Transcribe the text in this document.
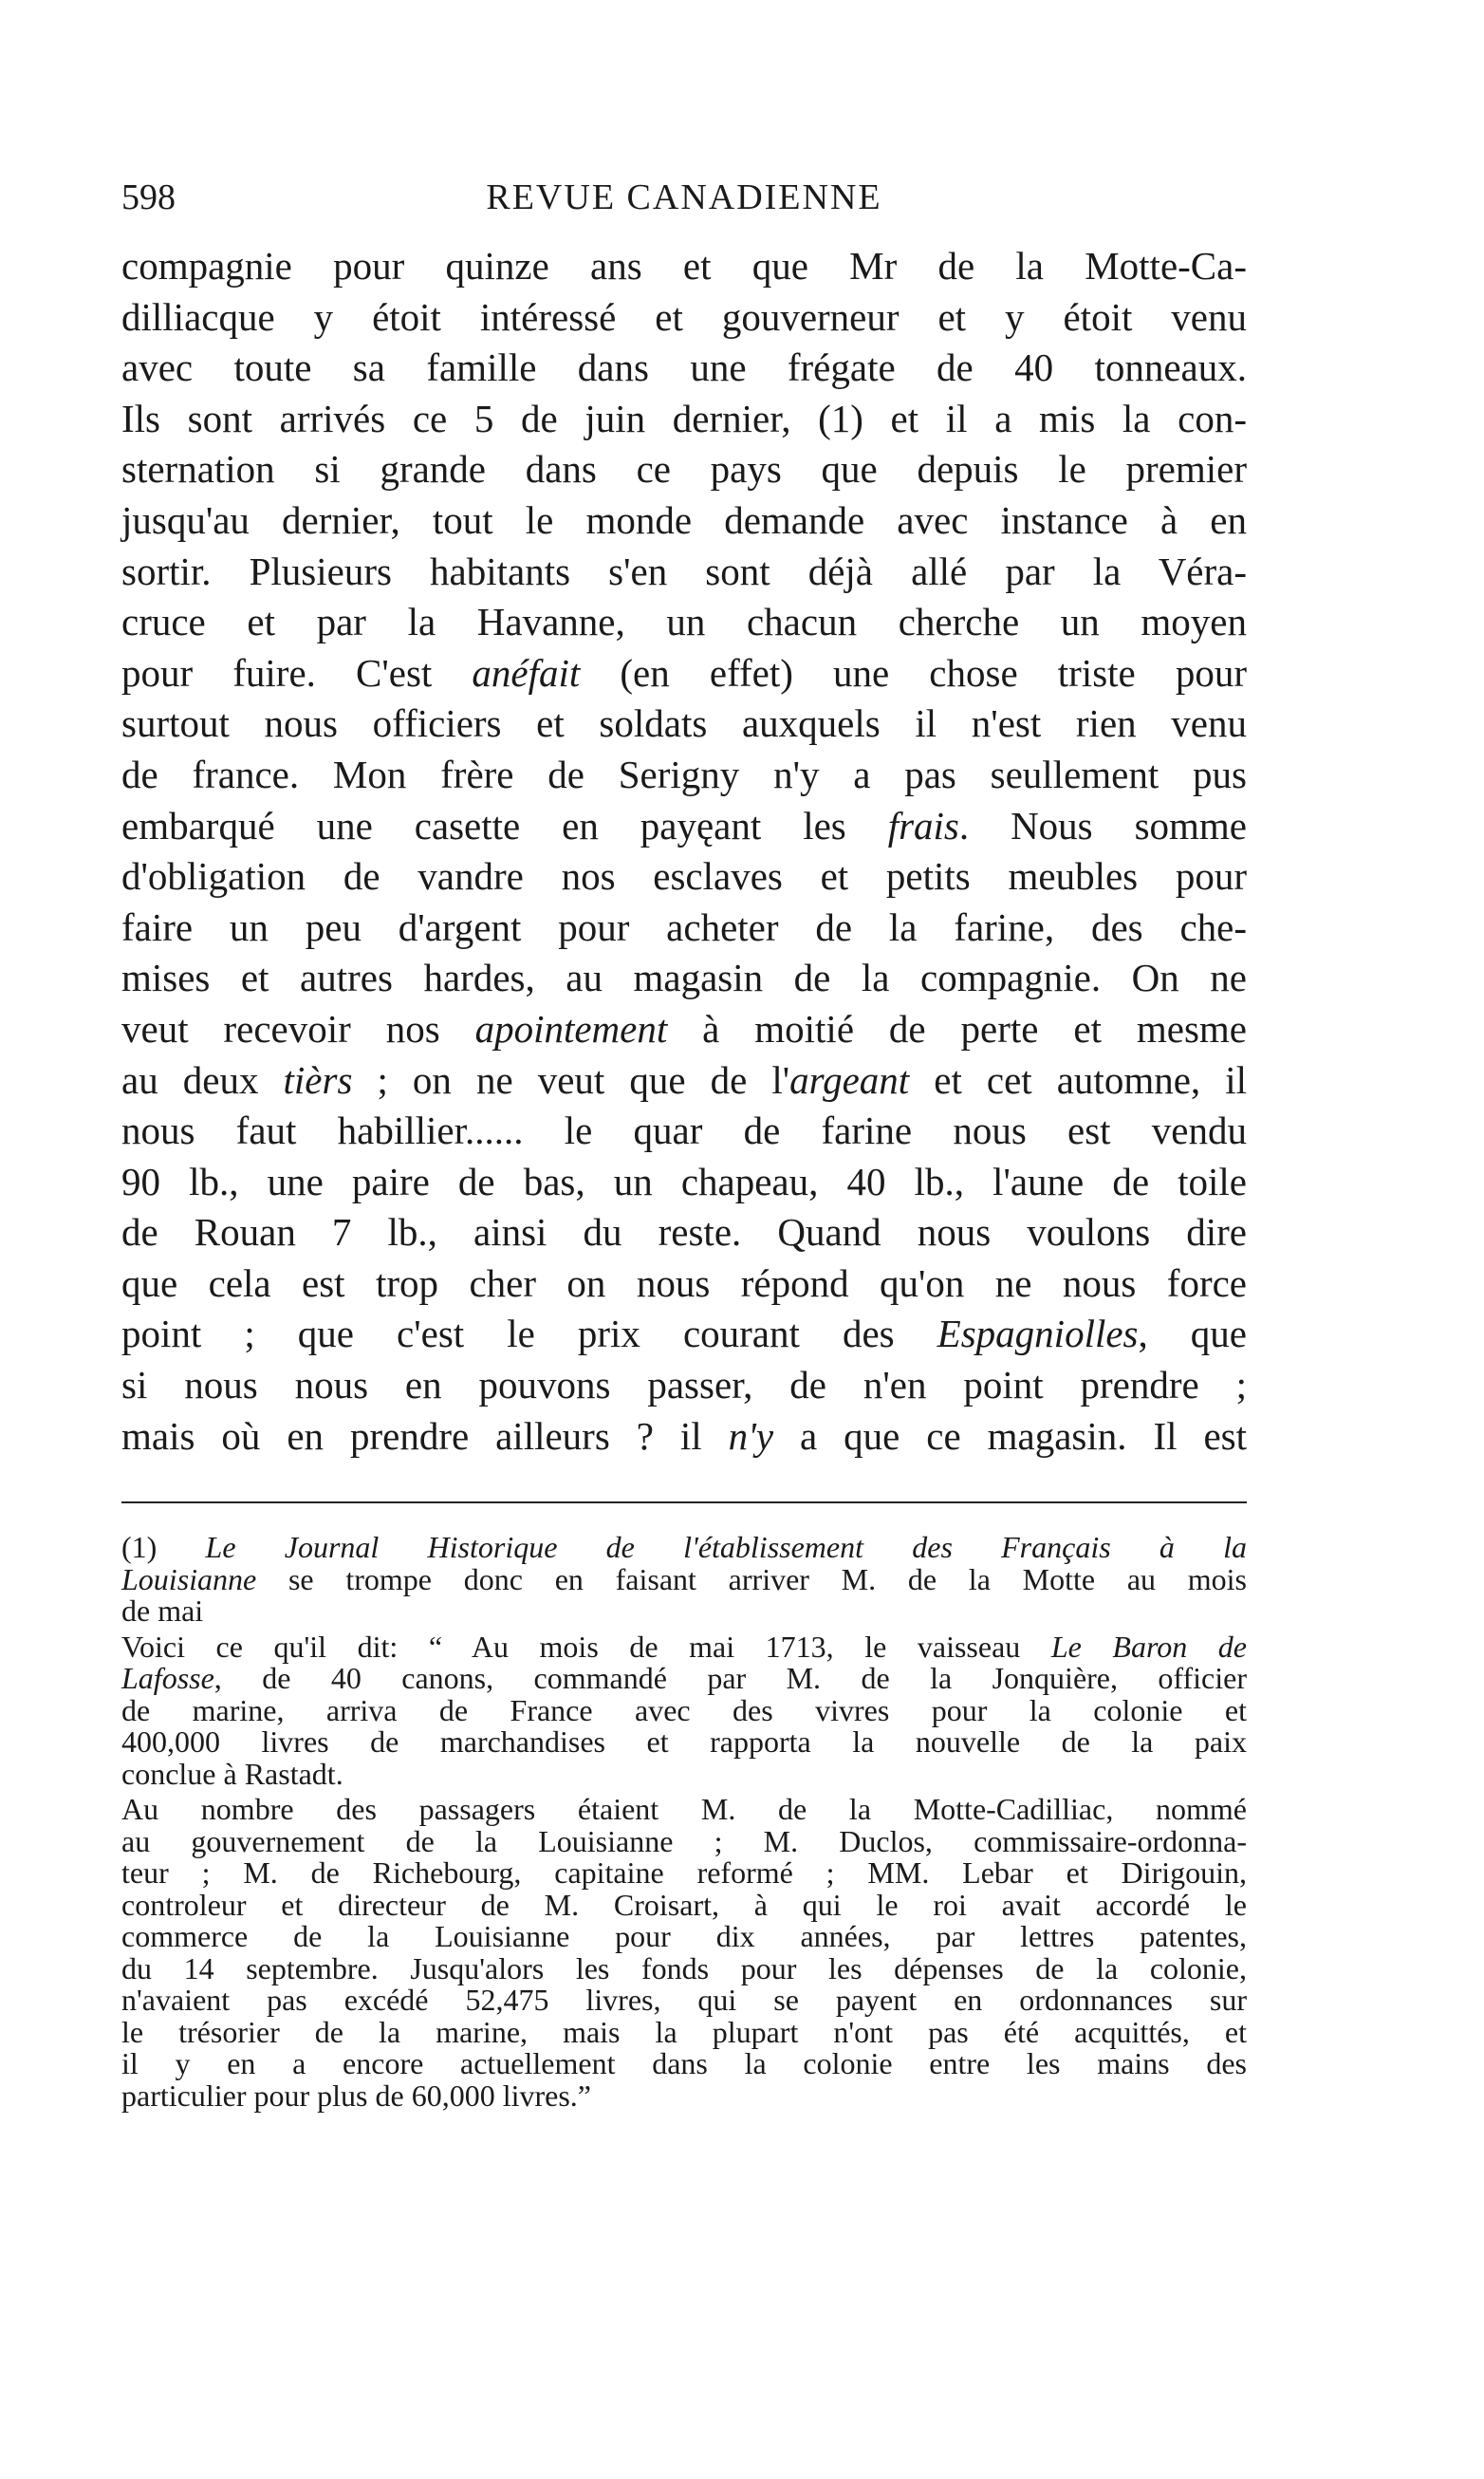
598	REVUE CANADIENNE
compagnie pour quinze ans et que Mr de la Motte-Ca-
dilliacque y étoit intéressé et gouverneur et y étoit venu
avec toute sa famille dans une frégate de 40 tonneaux.
Ils sont arrivés ce 5 de juin dernier, (1) et il a mis la con-
sternation si grande dans ce pays que depuis le premier
jusqu'au dernier, tout le monde demande avec instance à en
sortir. Plusieurs habitants s'en sont déjà allé par la Véra-
cruce et par la Havanne, un chacun cherche un moyen
pour fuire. C'est anéfait (en effet) une chose triste pour
surtout nous officiers et soldats auxquels il n'est rien venu
de france. Mon frère de Serigny n'y a pas seullement pus
embarqué une casette en payęant les frais. Nous somme
d'obligation de vandre nos esclaves et petits meubles pour
faire un peu d'argent pour acheter de la farine, des che-
mises et autres hardes, au magasin de la compagnie. On ne
veut recevoir nos apointement à moitié de perte et mesme
au deux tièrs ; on ne veut que de l'argeant et cet automne, il
nous faut habillier...... le quar de farine nous est vendu
90 lb., une paire de bas, un chapeau, 40 lb., l'aune de toile
de Rouan 7 lb., ainsi du reste. Quand nous voulons dire
que cela est trop cher on nous répond qu'on ne nous force
point ; que c'est le prix courant des Espagniolles, que
si nous nous en pouvons passer, de n'en point prendre ;
mais où en prendre ailleurs ? il n'y a que ce magasin. Il est
(1) Le Journal Historique de l'établissement des Français à la
Louisianne se trompe donc en faisant arriver M. de la Motte au mois
de mai
Voici ce qu'il dit: “ Au mois de mai 1713, le vaisseau Le Baron de
Lafosse, de 40 canons, commandé par M. de la Jonquière, officier
de marine, arriva de France avec des vivres pour la colonie et
400,000 livres de marchandises et rapporta la nouvelle de la paix
conclue à Rastadt.
Au nombre des passagers étaient M. de la Motte-Cadilliac, nommé
au gouvernement de la Louisianne ; M. Duclos, commissaire-ordonna-
teur ; M. de Richebourg, capitaine reformé ; MM. Lebar et Dirigouin,
controleur et directeur de M. Croisart, à qui le roi avait accordé le
commerce de la Louisianne pour dix années, par lettres patentes,
du 14 septembre. Jusqu'alors les fonds pour les dépenses de la colonie,
n'avaient pas excédé 52,475 livres, qui se payent en ordonnances sur
le trésorier de la marine, mais la plupart n'ont pas été acquittés, et
il y en a encore actuellement dans la colonie entre les mains des
particulier pour plus de 60,000 livres.”
